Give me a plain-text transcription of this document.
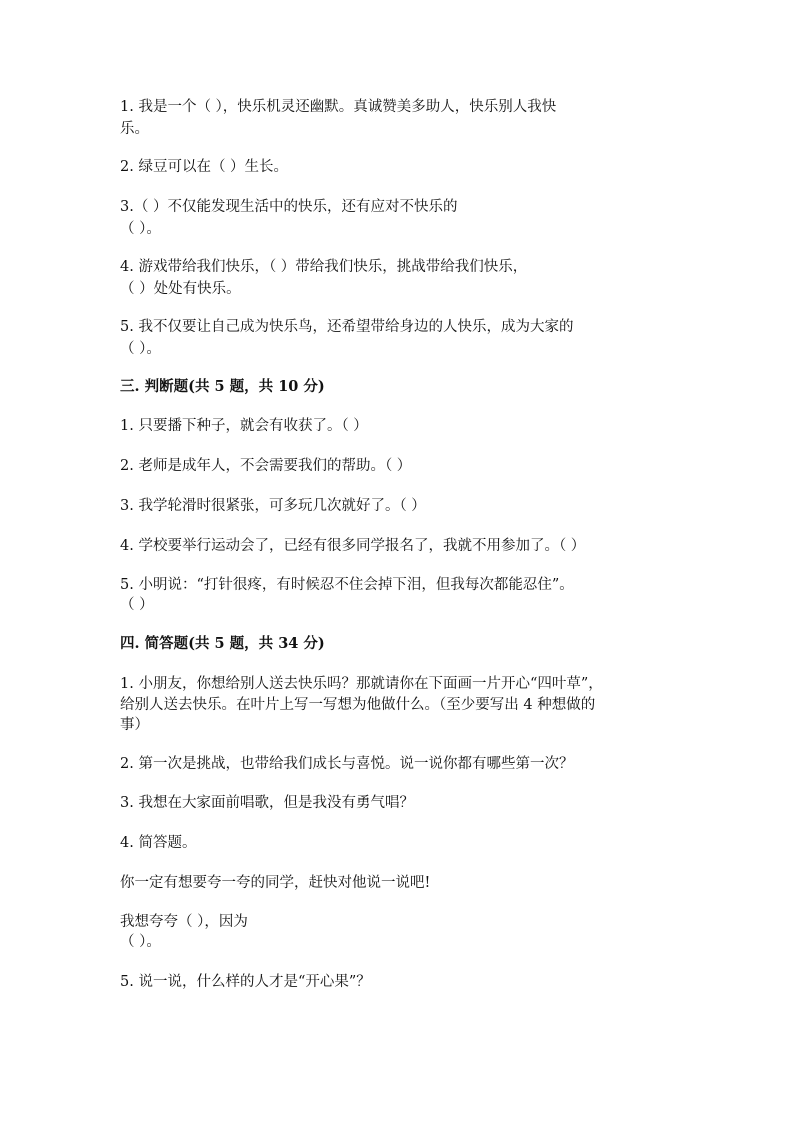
1. 我是一个（ ），快乐机灵还幽默。真诚赞美多助人，快乐别人我快
乐。
2. 绿豆可以在（ ）生长。
3.（ ）不仅能发现生活中的快乐，还有应对不快乐的
（ ）。
4. 游戏带给我们快乐，（ ）带给我们快乐，挑战带给我们快乐，
（ ）处处有快乐。
5. 我不仅要让自己成为快乐鸟，还希望带给身边的人快乐，成为大家的
（ ）。
三. 判断题(共 5 题，共 10 分)
1. 只要播下种子，就会有收获了。（ ）
2. 老师是成年人，不会需要我们的帮助。（ ）
3. 我学轮滑时很紧张，可多玩几次就好了。（ ）
4. 学校要举行运动会了，已经有很多同学报名了，我就不用参加了。（ ）
5. 小明说：“打针很疼，有时候忍不住会掉下泪，但我每次都能忍住”。
（ ）
四. 简答题(共 5 题，共 34 分)
1. 小朋友，你想给别人送去快乐吗？那就请你在下面画一片开心“四叶草”，
给别人送去快乐。在叶片上写一写想为他做什么。（至少要写出 4 种想做的
事）
2. 第一次是挑战，也带给我们成长与喜悦。说一说你都有哪些第一次？
3. 我想在大家面前唱歌，但是我没有勇气唱？
4. 简答题。
你一定有想要夸一夸的同学，赶快对他说一说吧!
我想夸夸（ ），因为
（ ）。
5. 说一说，什么样的人才是“开心果”？
